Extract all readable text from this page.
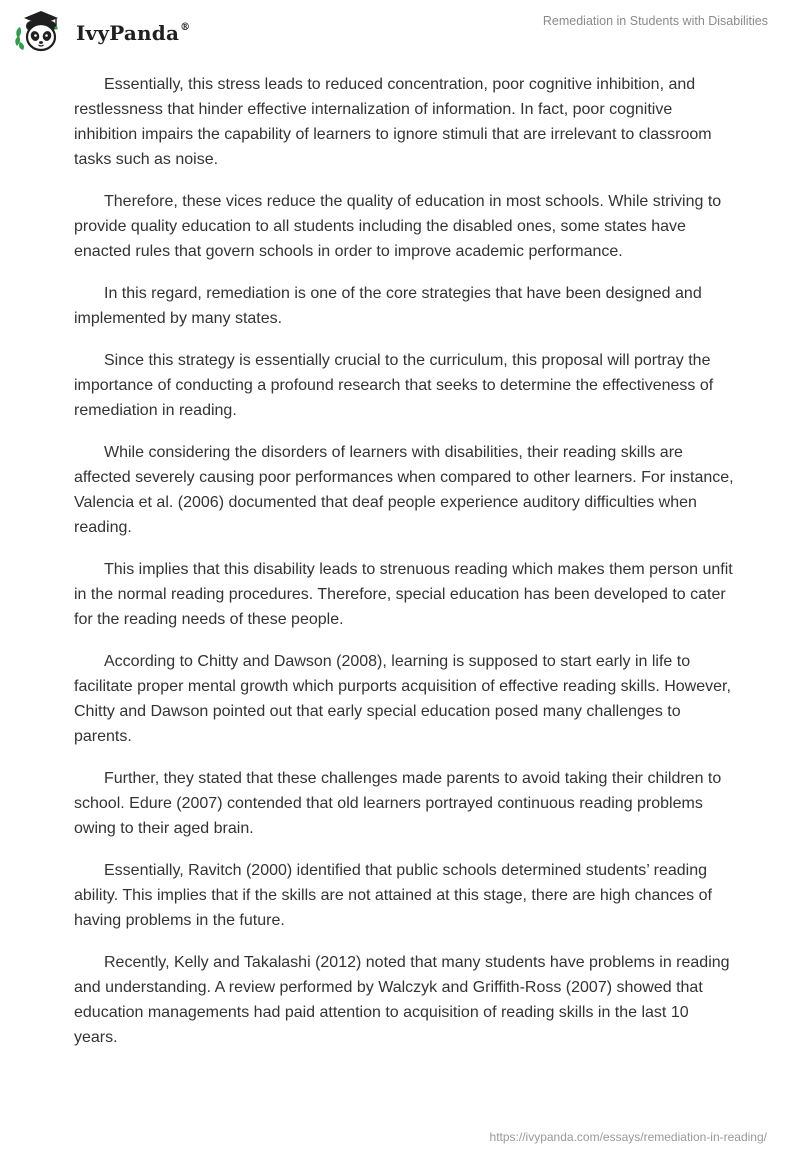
IvyPanda®	Remediation in Students with Disabilities

Essentially, this stress leads to reduced concentration, poor cognitive inhibition, and restlessness that hinder effective internalization of information. In fact, poor cognitive inhibition impairs the capability of learners to ignore stimuli that are irrelevant to classroom tasks such as noise.

Therefore, these vices reduce the quality of education in most schools. While striving to provide quality education to all students including the disabled ones, some states have enacted rules that govern schools in order to improve academic performance.

In this regard, remediation is one of the core strategies that have been designed and implemented by many states.

Since this strategy is essentially crucial to the curriculum, this proposal will portray the importance of conducting a profound research that seeks to determine the effectiveness of remediation in reading.

While considering the disorders of learners with disabilities, their reading skills are affected severely causing poor performances when compared to other learners. For instance, Valencia et al. (2006) documented that deaf people experience auditory difficulties when reading.

This implies that this disability leads to strenuous reading which makes them person unfit in the normal reading procedures. Therefore, special education has been developed to cater for the reading needs of these people.

According to Chitty and Dawson (2008), learning is supposed to start early in life to facilitate proper mental growth which purports acquisition of effective reading skills. However, Chitty and Dawson pointed out that early special education posed many challenges to parents.

Further, they stated that these challenges made parents to avoid taking their children to school. Edure (2007) contended that old learners portrayed continuous reading problems owing to their aged brain.

Essentially, Ravitch (2000) identified that public schools determined students’ reading ability. This implies that if the skills are not attained at this stage, there are high chances of having problems in the future.

Recently, Kelly and Takalashi (2012) noted that many students have problems in reading and understanding. A review performed by Walczyk and Griffith-Ross (2007) showed that education managements had paid attention to acquisition of reading skills in the last 10 years.

https://ivypanda.com/essays/remediation-in-reading/
